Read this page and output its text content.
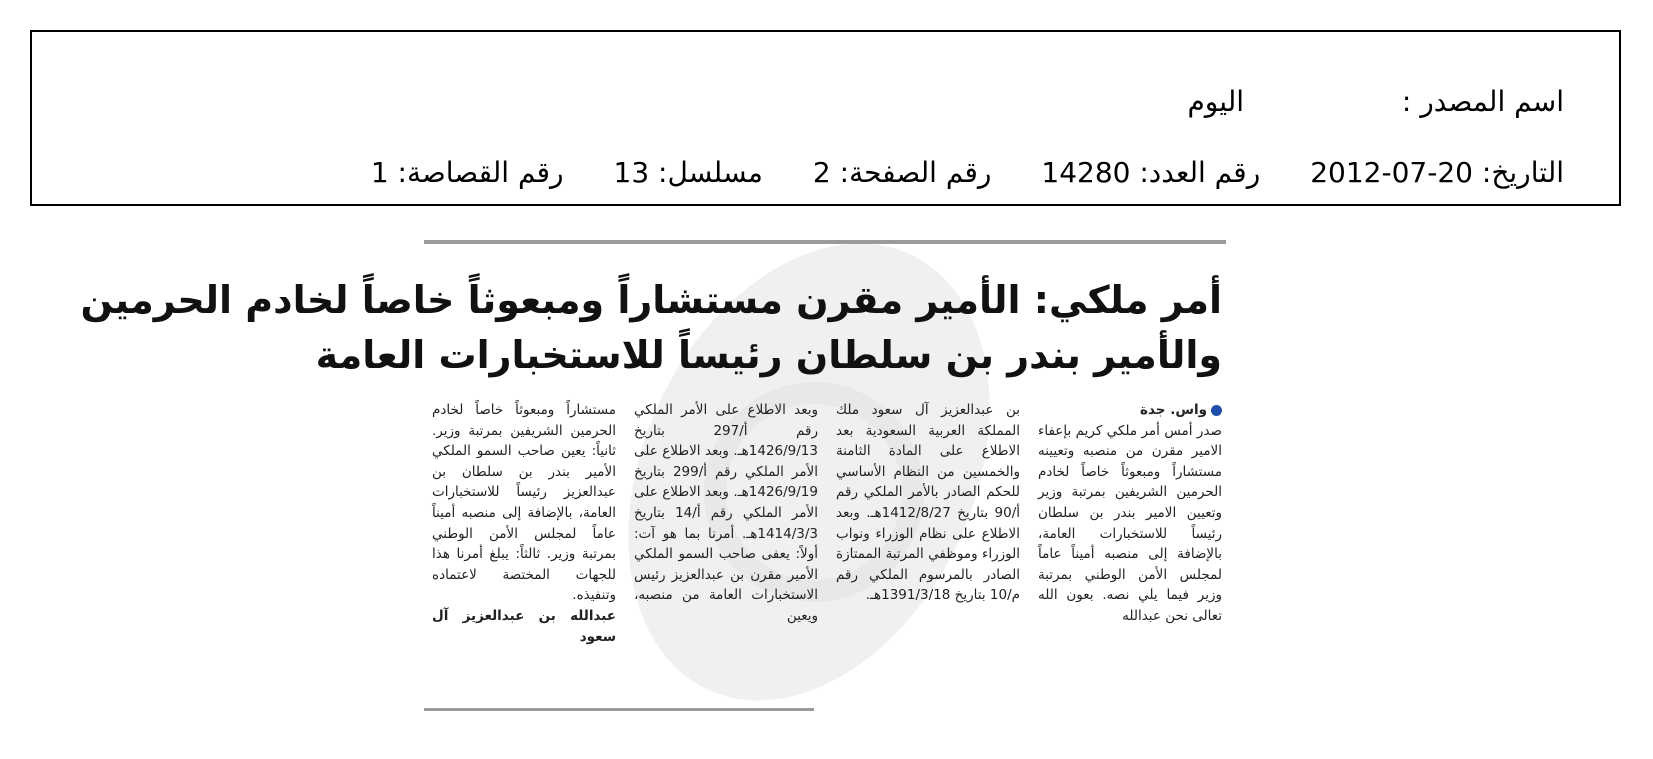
اسم المصدر :اليوم
التاريخ: 20-07-2012رقم العدد: 14280رقم الصفحة: 2مسلسل: 13رقم القصاصة: 1
أمر ملكي: الأمير مقرن مستشاراً ومبعوثاً خاصاً لخادم الحرمين
والأمير بندر بن سلطان رئيساً للاستخبارات العامة
واس. جدة

صدر أمس أمر ملكي كريم بإعفاء الامير مقرن من منصبه وتعيينه مستشاراً ومبعوثاً خاصاً لخادم الحرمين الشريفين بمرتبة وزير وتعيين الامير بندر بن سلطان رئيساً للاستخبارات العامة، بالإضافة إلى منصبه أميناً عاماً لمجلس الأمن الوطني بمرتبة وزير فيما يلي نصه. بعون الله تعالى نحن عبدالله

بن عبدالعزيز آل سعود ملك المملكة العربية السعودية بعد الاطلاع على المادة الثامنة والخمسين من النظام الأساسي للحكم الصادر بالأمر الملكي رقم أ/90 بتاريخ 1412/8/27هـ. وبعد الاطلاع على نظام الوزراء ونواب الوزراء وموظفي المرتبة الممتازة الصادر بالمرسوم الملكي رقم م/10 بتاريخ 1391/3/18هـ.

وبعد الاطلاع على الأمر الملكي رقم أ/297 بتاريخ 1426/9/13هـ. وبعد الاطلاع على الأمر الملكي رقم أ/299 بتاريخ 1426/9/19هـ. وبعد الاطلاع على الأمر الملكي رقم أ/14 بتاريخ 1414/3/3هـ. أمرنا بما هو آت: أولاً: يعفى صاحب السمو الملكي الأمير مقرن بن عبدالعزيز رئيس الاستخبارات العامة من منصبه، ويعين

مستشاراً ومبعوثاً خاصاً لخادم الحرمين الشريفين بمرتبة وزير. ثانياً: يعين صاحب السمو الملكي الأمير بندر بن سلطان بن عبدالعزيز رئيساً للاستخبارات العامة، بالإضافة إلى منصبه أميناً عاماً لمجلس الأمن الوطني بمرتبة وزير. ثالثاً: يبلغ أمرنا هذا للجهات المختصة لاعتماده وتنفيذه.

عبدالله بن عبدالعزيز آل سعود
